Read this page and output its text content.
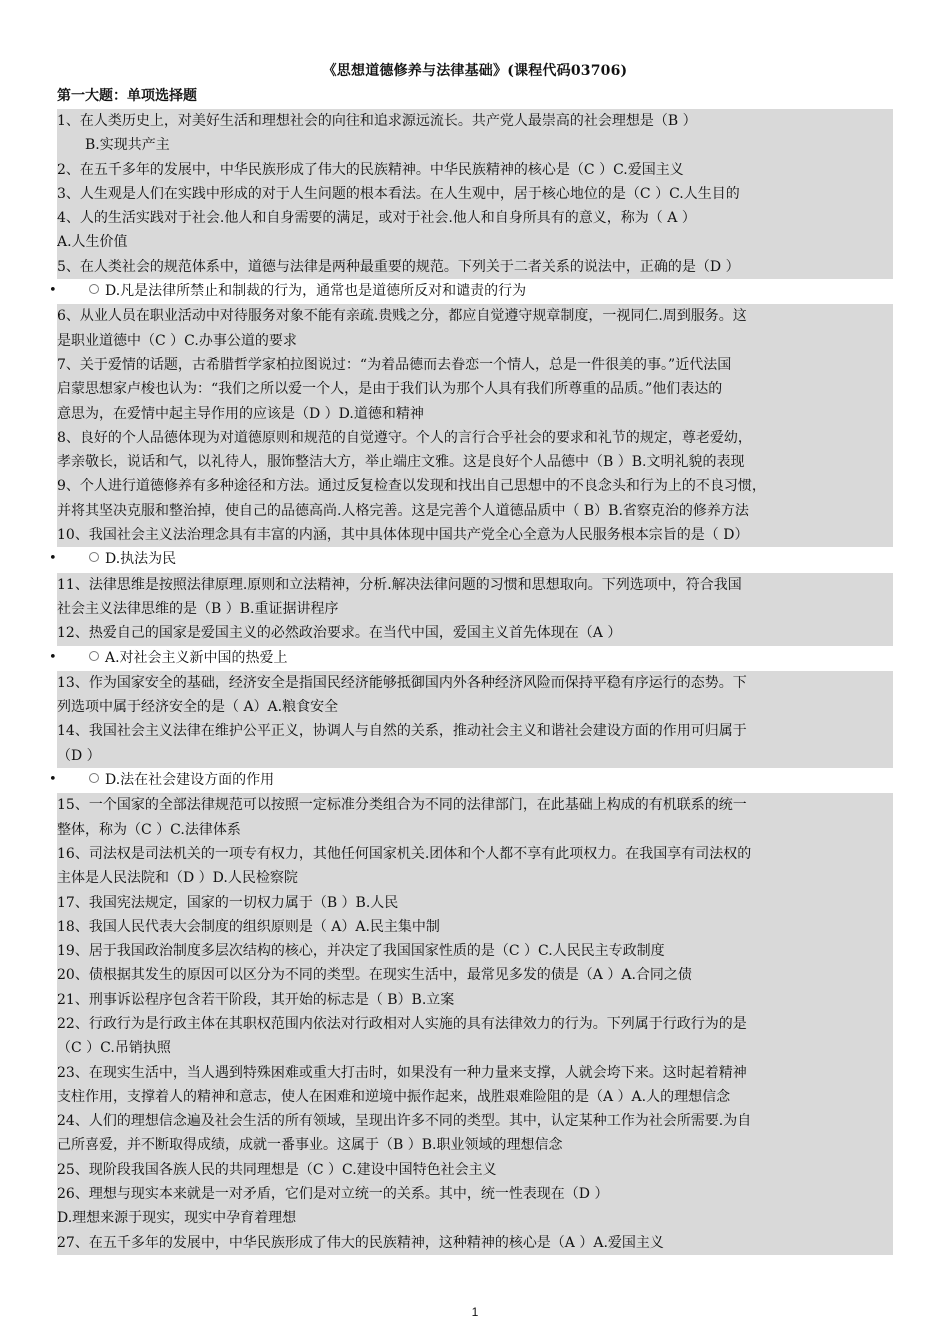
《思想道德修养与法律基础》(课程代码03706)
第一大题：单项选择题
1、在人类历史上，对美好生活和理想社会的向往和追求源远流长。共产党人最崇高的社会理想是（B ）
B.实现共产主
2、在五千多年的发展中，中华民族形成了伟大的民族精神。中华民族精神的核心是（C ）C.爱国主义
3、人生观是人们在实践中形成的对于人生问题的根本看法。在人生观中，居于核心地位的是（C ）C.人生目的
4、人的生活实践对于社会.他人和自身需要的满足，或对于社会.他人和自身所具有的意义，称为（ A ）
A.人生价值
5、在人类社会的规范体系中，道德与法律是两种最重要的规范。下列关于二者关系的说法中，正确的是（D ）
•	D.凡是法律所禁止和制裁的行为，通常也是道德所反对和谴责的行为
6、从业人员在职业活动中对待服务对象不能有亲疏.贵贱之分，都应自觉遵守规章制度，一视同仁.周到服务。这
是职业道德中（C ）C.办事公道的要求
7、关于爱情的话题，古希腊哲学家柏拉图说过：“为着品德而去眷恋一个情人，总是一件很美的事。”近代法国
启蒙思想家卢梭也认为：“我们之所以爱一个人，是由于我们认为那个人具有我们所尊重的品质。”他们表达的
意思为，在爱情中起主导作用的应该是（D ）D.道德和精神
8、良好的个人品德体现为对道德原则和规范的自觉遵守。个人的言行合乎社会的要求和礼节的规定，尊老爱幼，
孝亲敬长，说话和气，以礼待人，服饰整洁大方，举止端庄文雅。这是良好个人品德中（B ）B.文明礼貌的表现
9、个人进行道德修养有多种途径和方法。通过反复检查以发现和找出自己思想中的不良念头和行为上的不良习惯，
并将其坚决克服和整治掉，使自己的品德高尚.人格完善。这是完善个人道德品质中（ B）B.省察克治的修养方法
10、我国社会主义法治理念具有丰富的内涵，其中具体体现中国共产党全心全意为人民服务根本宗旨的是（ D）
•	D.执法为民
11、法律思维是按照法律原理.原则和立法精神，分析.解决法律问题的习惯和思想取向。下列选项中，符合我国
社会主义法律思维的是（B ）B.重证据讲程序
12、热爱自己的国家是爱国主义的必然政治要求。在当代中国，爱国主义首先体现在（A ）
•	A.对社会主义新中国的热爱上
13、作为国家安全的基础，经济安全是指国民经济能够抵御国内外各种经济风险而保持平稳有序运行的态势。下
列选项中属于经济安全的是（ A）A.粮食安全
14、我国社会主义法律在维护公平正义，协调人与自然的关系，推动社会主义和谐社会建设方面的作用可归属于
（D ）
•	D.法在社会建设方面的作用
15、一个国家的全部法律规范可以按照一定标准分类组合为不同的法律部门，在此基础上构成的有机联系的统一
整体，称为（C ）C.法律体系
16、司法权是司法机关的一项专有权力，其他任何国家机关.团体和个人都不享有此项权力。在我国享有司法权的
主体是人民法院和（D ）D.人民检察院
17、我国宪法规定，国家的一切权力属于（B ）B.人民
18、我国人民代表大会制度的组织原则是（ A）A.民主集中制
19、居于我国政治制度多层次结构的核心，并决定了我国国家性质的是（C ）C.人民民主专政制度
20、债根据其发生的原因可以区分为不同的类型。在现实生活中，最常见多发的债是（A ）A.合同之债
21、刑事诉讼程序包含若干阶段，其开始的标志是（ B）B.立案
22、行政行为是行政主体在其职权范围内依法对行政相对人实施的具有法律效力的行为。下列属于行政行为的是
（C ）C.吊销执照
23、在现实生活中，当人遇到特殊困难或重大打击时，如果没有一种力量来支撑，人就会垮下来。这时起着精神
支柱作用，支撑着人的精神和意志，使人在困难和逆境中振作起来，战胜艰难险阻的是（A ）A.人的理想信念
24、人们的理想信念遍及社会生活的所有领域，呈现出许多不同的类型。其中，认定某种工作为社会所需要.为自
己所喜爱，并不断取得成绩，成就一番事业。这属于（B ）B.职业领域的理想信念
25、现阶段我国各族人民的共同理想是（C ）C.建设中国特色社会主义
26、理想与现实本来就是一对矛盾，它们是对立统一的关系。其中，统一性表现在（D ）
D.理想来源于现实，现实中孕育着理想
27、在五千多年的发展中，中华民族形成了伟大的民族精神，这种精神的核心是（A ）A.爱国主义
1
